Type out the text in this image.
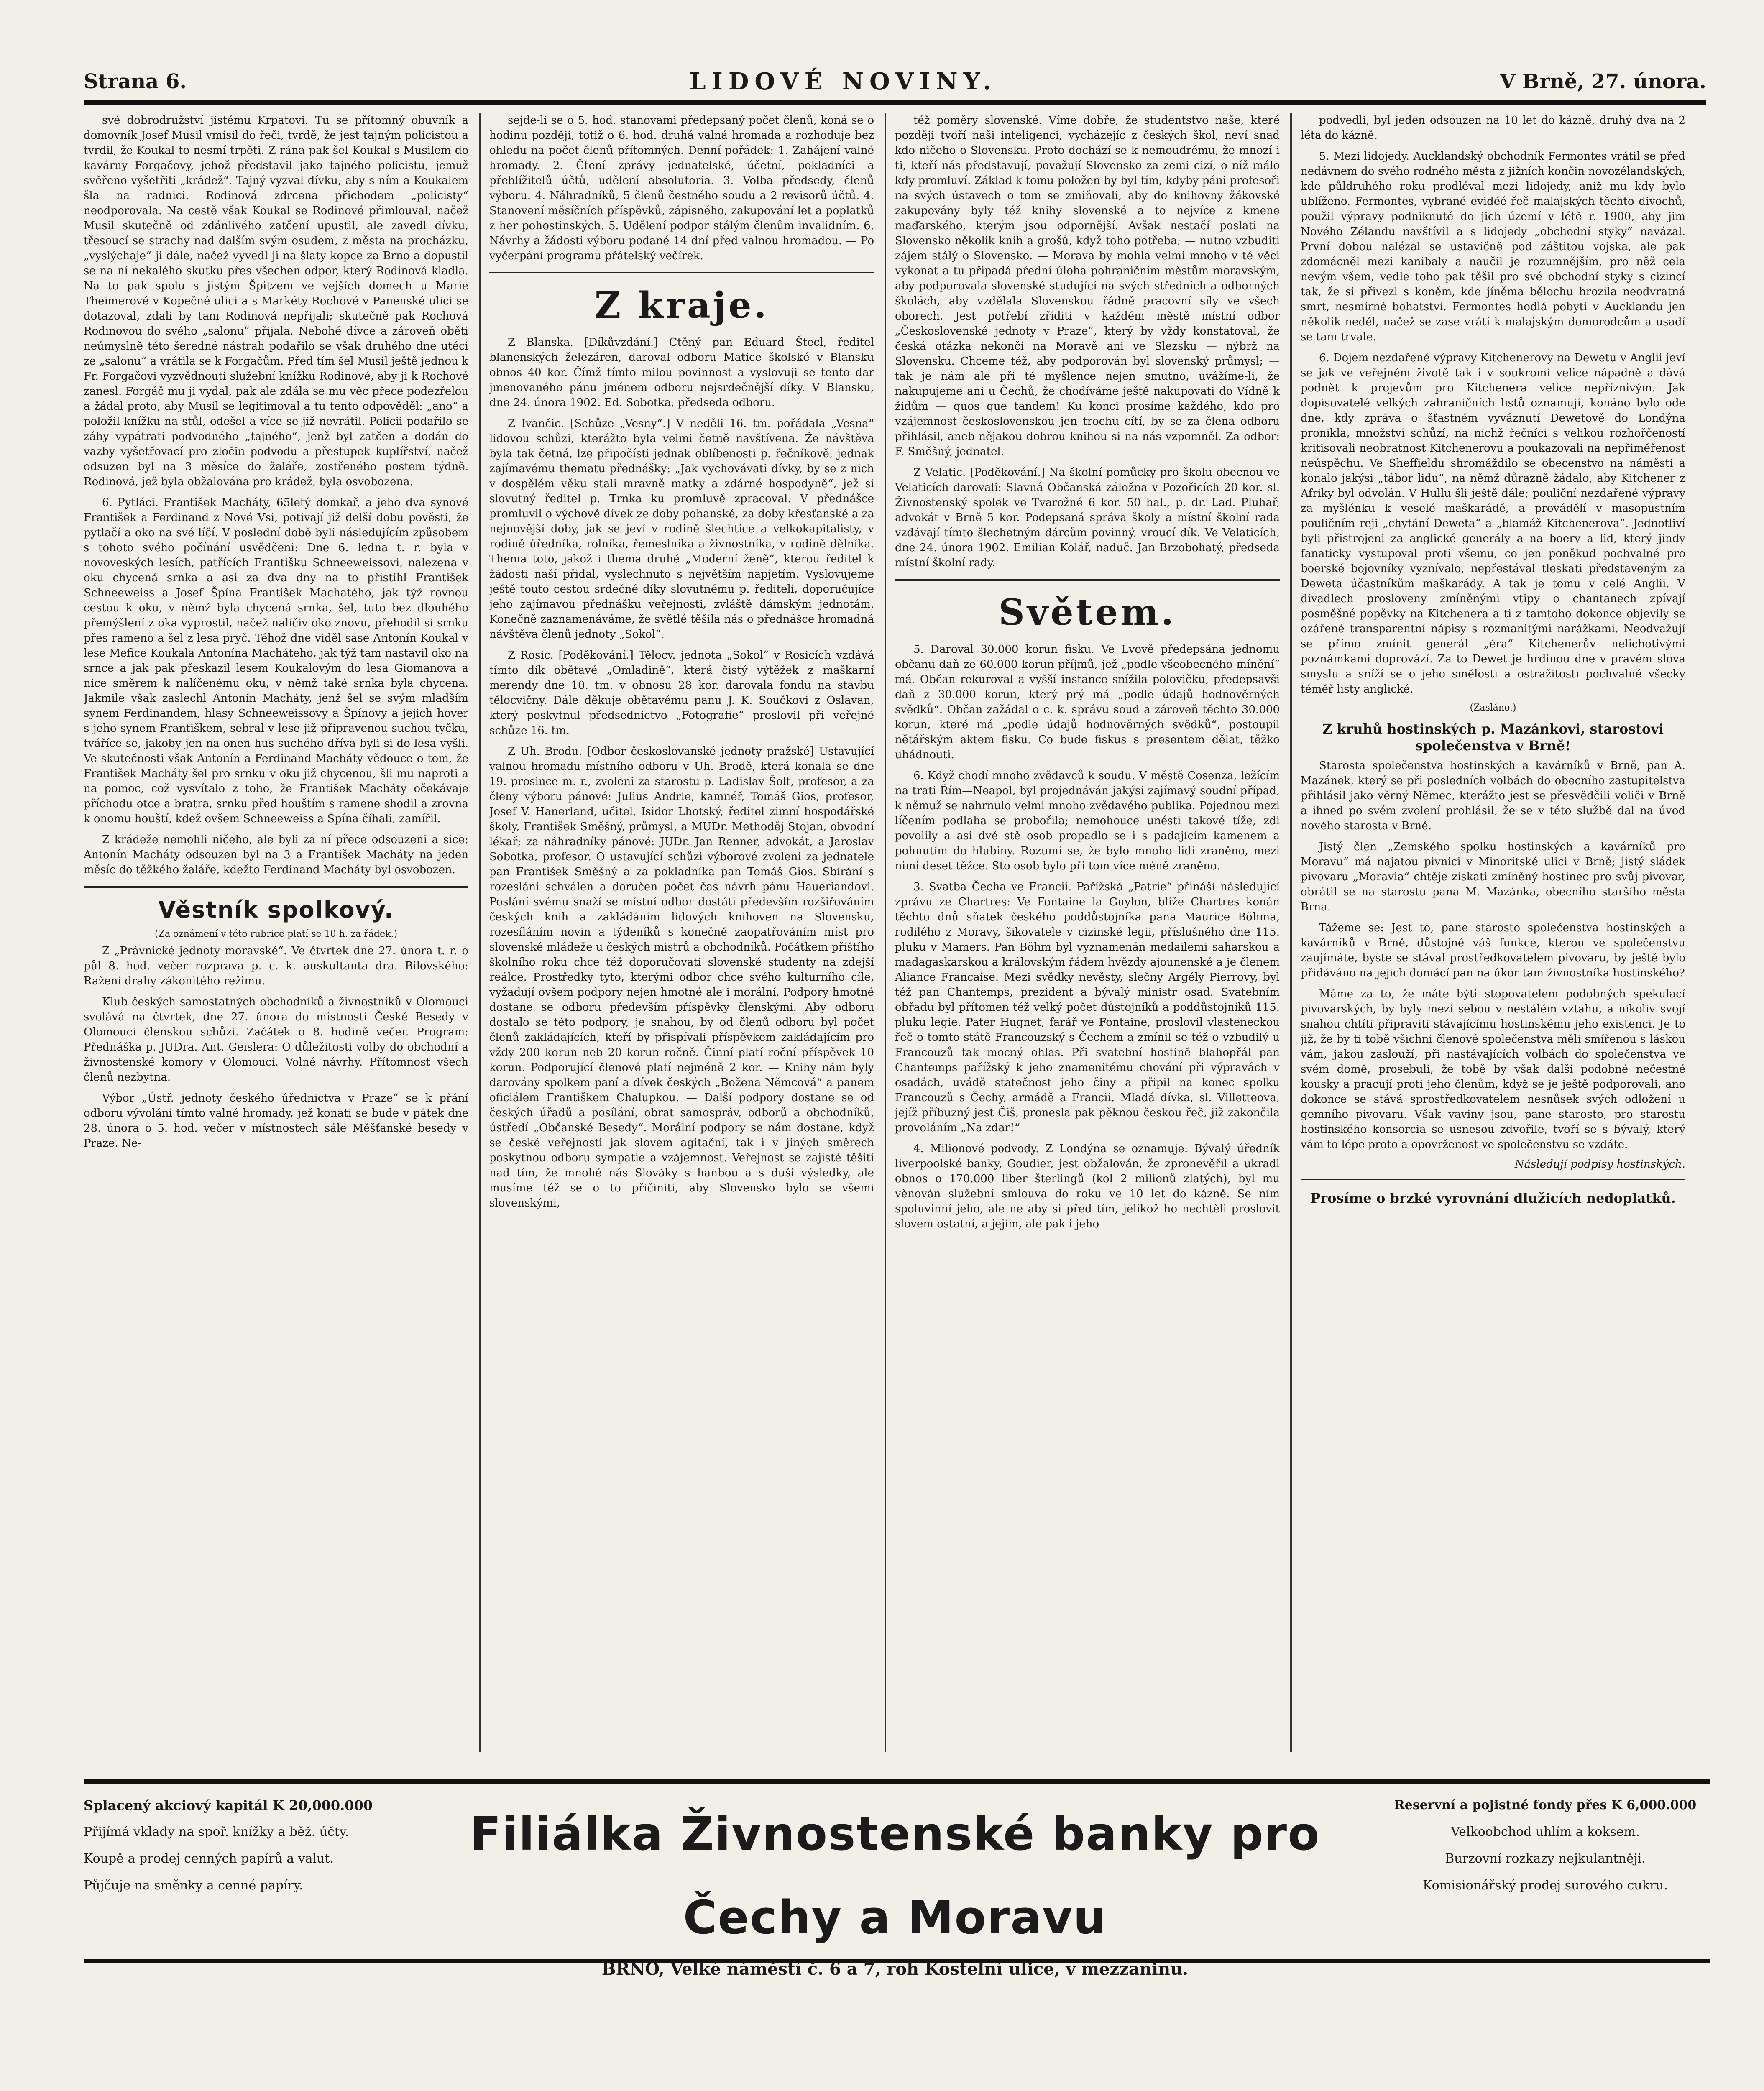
Strana 6.	LIDOVÉ NOVINY.	V Brně, 27. února.

své dobrodružství jistému Krpatovi. Tu se přítomný obuvník a domovník Josef Musil vmísil do řeči, tvrdě, že jest tajným policistou a tvrdil, že Koukal to nesmí trpěti. Z rána pak šel Koukal s Musilem do kavárny Forgačovy, jehož představil jako tajného policistu, jemuž svěřeno vyšetřiti „krádež“. Tajný vyzval dívku, aby s ním a Koukalem šla na radnici. Rodinová zdrcena přichodem „policisty“ neodporovala. Na cestě však Koukal se Rodinové přimlouval, načež Musil skutečně od zdánlivého zatčení upustil, ale zavedl dívku, třesoucí se strachy nad dalším svým osudem, z města na procházku, „vyslýchaje“ ji dále, načež vyvedl ji na šlaty kopce za Brno a dopustil se na ní nekalého skutku přes všechen odpor, který Rodinová kladla. Na to pak spolu s jistým Špitzem ve vejších domech u Marie Theimerové v Kopečné ulici a s Markéty Rochové v Panenské ulici se dotazoval, zdali by tam Rodinová nepřijali; skutečně pak Rochová Rodinovou do svého „salonu“ přijala. Nebohé dívce a zároveň oběti neúmyslně této šeredné nástrah podařilo se však druhého dne utéci ze „salonu“ a vrátila se k Forgačům. Před tím šel Musil ještě jednou k Fr. Forgačovi vyzvědnouti služební knížku Rodinové, aby ji k Rochové zanesl. Forgáč mu ji vydal, pak ale zdála se mu věc přece podezřelou a žádal proto, aby Musil se legitimoval a tu tento odpověděl: „ano“ a položil knížku na stůl, odešel a více se již nevrátil. Policii podařilo se záhy vypátrati podvodného „tajného“, jenž byl zatčen a dodán do vazby vyšetřovací pro zločin podvodu a přestupek kuplířství, načež odsuzen byl na 3 měsíce do žaláře, zostřeného postem týdně. Rodinová, jež byla obžalována pro krádež, byla osvobozena.

6. Pytláci. František Macháty, 65letý domkař, a jeho dva synové František a Ferdinand z Nové Vsi, potivají již delší dobu pověsti, že pytlačí a oko na své líčí. V poslední době byli následujícím způsobem s tohoto svého počínání usvědčeni: Dne 6. ledna t. r. byla v novoveských lesích, patřících Františku Schneeweissovi, nalezena v oku chycená srnka a asi za dva dny na to přistihl František Schneeweiss a Josef Špína František Machatého, jak týž rovnou cestou k oku, v němž byla chycená srnka, šel, tuto bez dlouhého přemýšlení z oka vyprostil, načež nalíčiv oko znovu, přehodil si srnku přes rameno a šel z lesa pryč. Téhož dne viděl sase Antonín Koukal v lese Mefice Koukala Antonína Macháteho, jak týž tam nastavil oko na srnce a jak pak přeskazil lesem Koukalovým do lesa Giomanova a nice směrem k nalíčenému oku, v němž také srnka byla chycena. Jakmile však zaslechl Antonín Macháty, jenž šel se svým mladším synem Ferdinandem, hlasy Schneeweissovy a Špínovy a jejich hover s jeho synem Františkem, sebral v lese již připravenou suchou tyčku, tváříce se, jakoby jen na onen hus suchého dříva byli si do lesa vyšli. Ve skutečnosti však Antonín a Ferdinand Macháty vědouce o tom, že František Macháty šel pro srnku v oku již chycenou, šli mu naproti a na pomoc, což vysvítalo z toho, že František Macháty očekávaje příchodu otce a bratra, srnku před houštím s ramene shodil a zrovna k onomu houští, kdež ovšem Schneeweiss a Špína číhali, zamířil.

Z krádeže nemohli ničeho, ale byli za ní přece odsouzeni a sice: Antonín Macháty odsouzen byl na 3 a František Macháty na jeden měsíc do těžkého žaláře, kdežto Ferdinand Macháty byl osvobozen.

Věstník spolkový.
(Za oznámení v této rubrice platí se 10 h. za řádek.)

Z „Právnické jednoty moravské“. Ve čtvrtek dne 27. února t. r. o půl 8. hod. večer rozprava p. c. k. auskultanta dra. Bilovského: Ražení drahy zákonitého režimu.

Klub českých samostatných obchodníků a živnostníků v Olomouci svolává na čtvrtek, dne 27. února do místností České Besedy v Olomouci členskou schůzi. Začátek o 8. hodině večer. Program: Přednáška p. JUDra. Ant. Geislera: O důležitosti volby do obchodní a živnostenské komory v Olomouci. Volné návrhy. Přítomnost všech členů nezbytna.

Výbor „Ústř. jednoty českého úřednictva v Praze“ se k přání odboru vývoláni tímto valné hromady, jež konati se bude v pátek dne 28. února o 5. hod. večer v místnostech sále Měšťanské besedy v Praze. Ne-

sejde-li se o 5. hod. stanovami předepsaný počet členů, koná se o hodinu později, totiž o 6. hod. druhá valná hromada a rozhoduje bez ohledu na počet členů přítomných. Denní pořádek: 1. Zahájení valné hromady. 2. Čtení zprávy jednatelské, účetní, pokladníci a přehlížitelů účtů, udělení absolutoria. 3. Volba předsedy, členů výboru. 4. Náhradníků, 5 členů čestného soudu a 2 revisorů účtů. 4. Stanovení měsíčních příspěvků, zápisného, zakupování let a poplatků z her pohostinských. 5. Udělení podpor stálým členům invalidním. 6. Návrhy a žádosti výboru podané 14 dní před valnou hromadou. — Po vyčerpání programu přátelský večírek.

Z kraje.

Z Blanska. [Díkůvzdání.] Ctěný pan Eduard Štecl, ředitel blanenských železáren, daroval odboru Matice školské v Blansku obnos 40 kor. Čímž tímto milou povinnost a vyslovuji se tento dar jmenovaného pánu jménem odboru nejsrdečnější díky. V Blansku, dne 24. února 1902. Ed. Sobotka, předseda odboru.

Z Ivančic. [Schůze „Vesny“.] V neděli 16. tm. pořádala „Vesna“ lidovou schůzi, kterážto byla velmi četně navštívena. Že návštěva byla tak četná, lze připočísti jednak oblíbenosti p. řečníkově, jednak zajímavému thematu přednášky: „Jak vychovávati dívky, by se z nich v dospělém věku stali mravně matky a zdárné hospodyně“, jež si slovutný ředitel p. Trnka ku promluvě zpracoval. V přednášce promluvil o výchově dívek ze doby pohanské, za doby křesťanské a za nejnovější doby, jak se jeví v rodině šlechtice a velkokapitalisty, v rodině úředníka, rolníka, řemeslníka a živnostníka, v rodině dělníka. Thema toto, jakož i thema druhé „Moderní ženě“, kterou ředitel k žádosti naší přidal, vyslechnuto s největším napjetím. Vyslovujeme ještě touto cestou srdečné díky slovutnému p. řediteli, doporučujíce jeho zajímavou přednášku veřejnosti, zvláště dámským jednotám. Konečně zaznamenáváme, že světlé těšila nás o přednášce hromadná návštěva členů jednoty „Sokol“.

Z Rosic. [Poděkování.] Tělocv. jednota „Sokol“ v Rosicích vzdává tímto dík obětavé „Omladině“, která čistý výtěžek z maškarní merendy dne 10. tm. v obnosu 28 kor. darovala fondu na stavbu tělocvičny. Dále děkuje obětavému panu J. K. Součkovi z Oslavan, který poskytnul předsednictvo „Fotografie“ proslovil při veřejné schůze 16. tm.

Z Uh. Brodu. [Odbor českoslovanské jednoty pražské] Ustavující valnou hromadu místního odboru v Uh. Brodě, která konala se dne 19. prosince m. r., zvoleni za starostu p. Ladislav Šolt, profesor, a za členy výboru pánové: Julius Andrle, kamnéř, Tomáš Gios, profesor, Josef V. Hanerland, učitel, Isidor Lhotský, ředitel zimní hospodářské školy, František Směšný, průmysl, a MUDr. Methoděj Stojan, obvodní lékař; za náhradníky pánové: JUDr. Jan Renner, advokát, a Jaroslav Sobotka, profesor. O ustavující schůzi výborové zvoleni za jednatele pan František Směšný a za pokladníka pan Tomáš Gios. Sbírání s rozesláni schválen a doručen počet čas návrh pánu Haueriandovi. Poslání svému snaží se místní odbor dostáti především rozšiřováním českých knih a zakládáním lidových knihoven na Slovensku, rozesíláním novin a týdeníků s konečně zaopatřováním míst pro slovenské mládeže u českých mistrů a obchodníků. Počátkem příštího školního roku chce též doporučovati slovenské studenty na zdejší reálce. Prostředky tyto, kterými odbor chce svého kulturního cíle, vyžadují ovšem podpory nejen hmotné ale i morální. Podpory hmotné dostane se odboru především příspěvky členskými. Aby odboru dostalo se této podpory, je snahou, by od členů odboru byl počet členů zakládajících, kteří by přispívali příspěvkem zakládajícím pro vždy 200 korun neb 20 korun ročně. Činní platí roční příspěvek 10 korun. Podporující členové platí nejméně 2 kor. — Knihy nám byly darovány spolkem paní a dívek českých „Božena Němcová“ a panem oficiálem Františkem Chalupkou. — Další podpory dostane se od českých úřadů a posílání, obrat samospráv, odborů a obchodníků, ústředí „Občanské Besedy“. Morální podpory se nám dostane, když se české veřejnosti jak slovem agitační, tak i v jiných směrech poskytnou odboru sympatie a vzájemnost. Veřejnost se zajisté těšiti nad tím, že mnohé nás Slováky s hanbou a s duši výsledky, ale musíme též se o to přičiniti, aby Slovensko bylo se všemi slovenskými,

též poměry slovenské. Víme dobře, že studentstvo naše, které později tvoří naši inteligenci, vycházejíc z českých škol, neví snad kdo ničeho o Slovensku. Proto dochází se k nemoudrému, že mnozí i ti, kteří nás představují, považují Slovensko za zemi cizí, o níž málo kdy promluví. Základ k tomu položen by byl tím, kdyby páni profesoři na svých ústavech o tom se zmiňovali, aby do knihovny žákovské zakupovány byly též knihy slovenské a to nejvíce z kmene maďarského, kterým jsou odpornější. Avšak nestačí poslati na Slovensko několik knih a grošů, když toho potřeba; — nutno vzbuditi zájem stálý o Slovensko. — Morava by mohla velmi mnoho v té věci vykonat a tu připadá přední úloha pohraničním městům moravským, aby podporovala slovenské studující na svých středních a odborných školách, aby vzdělala Slovenskou řádně pracovní síly ve všech oborech. Jest potřebí zříditi v každém městě místní odbor „Československé jednoty v Praze“, který by vždy konstatoval, že česká otázka nekončí na Moravě ani ve Slezsku — nýbrž na Slovensku. Chceme též, aby podporován byl slovenský průmysl; — tak je nám ale při té myšlence nejen smutno, uvážíme-li, že nakupujeme ani u Čechů, že chodíváme ještě nakupovati do Vídně k židům — quos que tandem! Ku konci prosíme každého, kdo pro vzájemnost československou jen trochu cítí, by se za člena odboru přihlásil, aneb nějakou dobrou knihou si na nás vzpomněl. Za odbor: F. Směšný, jednatel.

Z Velatic. [Poděkování.] Na školní pomůcky pro školu obecnou ve Velaticích darovali: Slavná Občanská záložna v Pozořicích 20 kor. sl. Živnostenský spolek ve Tvarožné 6 kor. 50 hal., p. dr. Lad. Pluhař, advokát v Brně 5 kor. Podepsaná správa školy a místní školní rada vzdávají tímto šlechetným dárcům povinný, vroucí dík. Ve Velaticích, dne 24. února 1902. Emilian Kolář, naduč. Jan Brzobohatý, předseda místní školní rady.

Světem.

5. Daroval 30.000 korun fisku. Ve Lvově předepsána jednomu občanu daň ze 60.000 korun příjmů, jež „podle všeobecného mínění“ má. Občan rekuroval a vyšší instance snížila polovičku, předepsavši daň z 30.000 korun, který prý má „podle údajů hodnověrných svědků“. Občan zažádal o c. k. správu soud a zároveň těchto 30.000 korun, které má „podle údajů hodnověrných svědků“, postoupil nětářským aktem fisku. Co bude fiskus s presentem dělat, těžko uhádnouti.

6. Když chodí mnoho zvědavců k soudu. V městě Cosenza, ležícím na trati Řím—Neapol, byl projednáván jakýsi zajímavý soudní případ, k němuž se nahrnulo velmi mnoho zvědavého publika. Pojednou mezi líčením podlaha se probořila; nemohouce unésti takové tíže, zdi povolily a asi dvě stě osob propadlo se i s padajícím kamenem a pohnutím do hlubiny. Rozumí se, že bylo mnoho lidí zraněno, mezi nimi deset těžce. Sto osob bylo při tom více méně zraněno.

3. Svatba Čecha ve Francii. Pařížská „Patrie“ přináší následující zprávu ze Chartres: Ve Fontaine la Guylon, blíže Chartres konán těchto dnů sňatek českého poddůstojníka pana Maurice Böhma, rodilého z Moravy, šikovatele v cizinské legii, příslušného dne 115. pluku v Mamers. Pan Böhm byl vyznamenán medailemi saharskou a madagaskarskou a královským řádem hvězdy ajounenské a je členem Aliance Francaise. Mezi svědky nevěsty, slečny Argély Pierrovy, byl též pan Chantemps, prezident a bývalý ministr osad. Svatebním obřadu byl přítomen též velký počet důstojníků a poddůstojníků 115. pluku legie. Pater Hugnet, farář ve Fontaine, proslovil vlasteneckou řeč o tomto státě Francouzský s Čechem a zmínil se též o vzbudilý u Francouzů tak mocný ohlas. Při svatební hostině blahopřál pan Chantemps pařížský k jeho znamenitému chování při výpravách v osadách, uvádě statečnost jeho činy a připil na konec spolku Francouzů s Čechy, armádě a Francii. Mladá dívka, sl. Villetteova, jejíž příbuzný jest Čiš, pronesla pak pěknou českou řeč, již zakončila provoláním „Na zdar!“

4. Milionové podvody. Z Londýna se oznamuje: Bývalý úředník liverpoolské banky, Goudier, jest obžalován, že zpronevěřil a ukradl obnos o 170.000 liber šterlingů (kol 2 milionů zlatých), byl mu věnován služební smlouva do roku ve 10 let do kázně. Se ním spoluvinní jeho, ale ne aby si před tím, jelikož ho nechtěli proslovit slovem ostatní, a jejím, ale pak i jeho

podvedli, byl jeden odsouzen na 10 let do kázně, druhý dva na 2 léta do kázně.

5. Mezi lidojedy. Aucklandský obchodník Fermontes vrátil se před nedávnem do svého rodného města z jižních končin novozélandských, kde půldruhého roku prodléval mezi lidojedy, aniž mu kdy bylo ublíženo. Fermontes, vybrané evidéé řeč malajských těchto divochů, použil výpravy podniknuté do jich území v létě r. 1900, aby jim Nového Zélandu navštívil a s lidojedy „obchodní styky“ navázal. První dobou nalézal se ustavičně pod záštitou vojska, ale pak zdomácněl mezi kanibaly a naučil je rozumnějším, pro něž cela nevým všem, vedle toho pak těšil pro své obchodní styky s cizincí tak, že si přivezl s koněm, kde jíněma bělochu hrozila neodvratná smrt, nesmírné bohatství. Fermontes hodlá pobyti v Aucklandu jen několik neděl, načež se zase vrátí k malajským domorodcům a usadí se tam trvale.

6. Dojem nezdařené výpravy Kitchenerovy na Dewetu v Anglii jeví se jak ve veřejném životě tak i v soukromí velice nápadně a dává podnět k projevům pro Kitchenera velice nepříznivým. Jak dopisovatelé velkých zahraničních listů oznamují, konáno bylo ode dne, kdy zpráva o šťastném vyváznutí Dewetově do Londýna pronikla, množství schůzí, na nichž řečníci s velikou rozhořčeností kritisovali neobratnost Kitchenerovu a poukazovali na nepřiměřenost neúspěchu. Ve Sheffieldu shromáždilo se obecenstvo na náměstí a konalo jakýsi „tábor lidu“, na němž důrazně žádalo, aby Kitchener z Afriky byl odvolán. V Hullu šli ještě dále; pouliční nezdařené výpravy za myšlénku k veselé maškarádě, a provádělí v masopustním pouličním reji „chytání Deweta“ a „blamáž Kitchenerova“. Jednotliví byli přistrojeni za anglické generály a na boery a lid, který jindy fanaticky vystupoval proti všemu, co jen poněkud pochvalné pro boerské bojovníky vyznívalo, nepřestával tleskati představeným za Deweta účastníkům maškarády. A tak je tomu v celé Anglii. V divadlech prosloveny zmíněnými vtipy o chantanech zpívají posměšné popěvky na Kitchenera a ti z tamtoho dokonce objevily se ozářené transparentní nápisy s rozmanitými narážkami. Neodvažují se přímo zmínit generál „éra“ Kitchenerův nelichotivými poznámkami doprovází. Za to Dewet je hrdinou dne v pravém slova smyslu a sníží se o jeho smělosti a ostražitosti pochvalné všecky téměř listy anglické.

(Zasláno.)
Z kruhů hostinských p. Mazánkovi, starostovi společenstva v Brně!

Starosta společenstva hostinských a kavárníků v Brně, pan A. Mazánek, který se při posledních volbách do obecního zastupitelstva přihlásil jako věrný Němec, kterážto jest se přesvědčili voliči v Brně a ihned po svém zvolení prohlásil, že se v této službě dal na úvod nového starosta v Brně.

Jistý člen „Zemského spolku hostinských a kavárníků pro Moravu“ má najatou pivnici v Minoritské ulici v Brně; jistý sládek pivovaru „Moravia“ chtěje získati zmíněný hostinec pro svůj pivovar, obrátil se na starostu pana M. Mazánka, obecního staršího města Brna.

Tážeme se: Jest to, pane starosto společenstva hostinských a kavárníků v Brně, důstojné váš funkce, kterou ve společenstvu zaujímáte, byste se stával prostředkovatelem pivovaru, by ještě bylo přidáváno na jejich domácí pan na úkor tam živnostníka hostinského?

Máme za to, že máte býti stopovatelem podobných spekulací pivovarských, by byly mezi sebou v nestálém vztahu, a nikoliv svojí snahou chtíti připraviti stávajícímu hostinskému jeho existenci. Je to již, že by ti tobě všichni členové společenstva měli smířenou s láskou vám, jakou zaslouží, při nastávajících volbách do společenstva ve svém domě, prosebuli, že tobě by však další podobné nečestné kousky a pracují proti jeho členům, když se je ještě podporovali, ano dokonce se stává sprostředkovatelem nesnůsek svých odložení u gemního pivovaru. Však vaviny jsou, pane starosto, pro starostu hostinského konsorcia se usnesou zdvořile, tvoří se s bývalý, který vám to lépe proto a opovrženost ve společenstvu se vzdáte.

Následují podpisy hostinských.
Prosíme o brzké vyrovnání dlužicích nedoplatků.
Splacený akciový kapitál K 20,000.000
Přijímá vklady na spoř. knížky a běž. účty.
Koupě a prodej cenných papírů a valut.
Půjčuje na směnky a cenné papíry.
Filiálka Živnostenské banky pro Čechy a Moravu
BRNO, Velké náměstí č. 6 a 7, roh Kostelní ulice, v mezzaninu.
Reservní a pojistné fondy přes K 6,000.000
Velkoobchod uhlím a koksem.
Burzovní rozkazy nejkulantněji.
Komisionářský prodej surového cukru.
